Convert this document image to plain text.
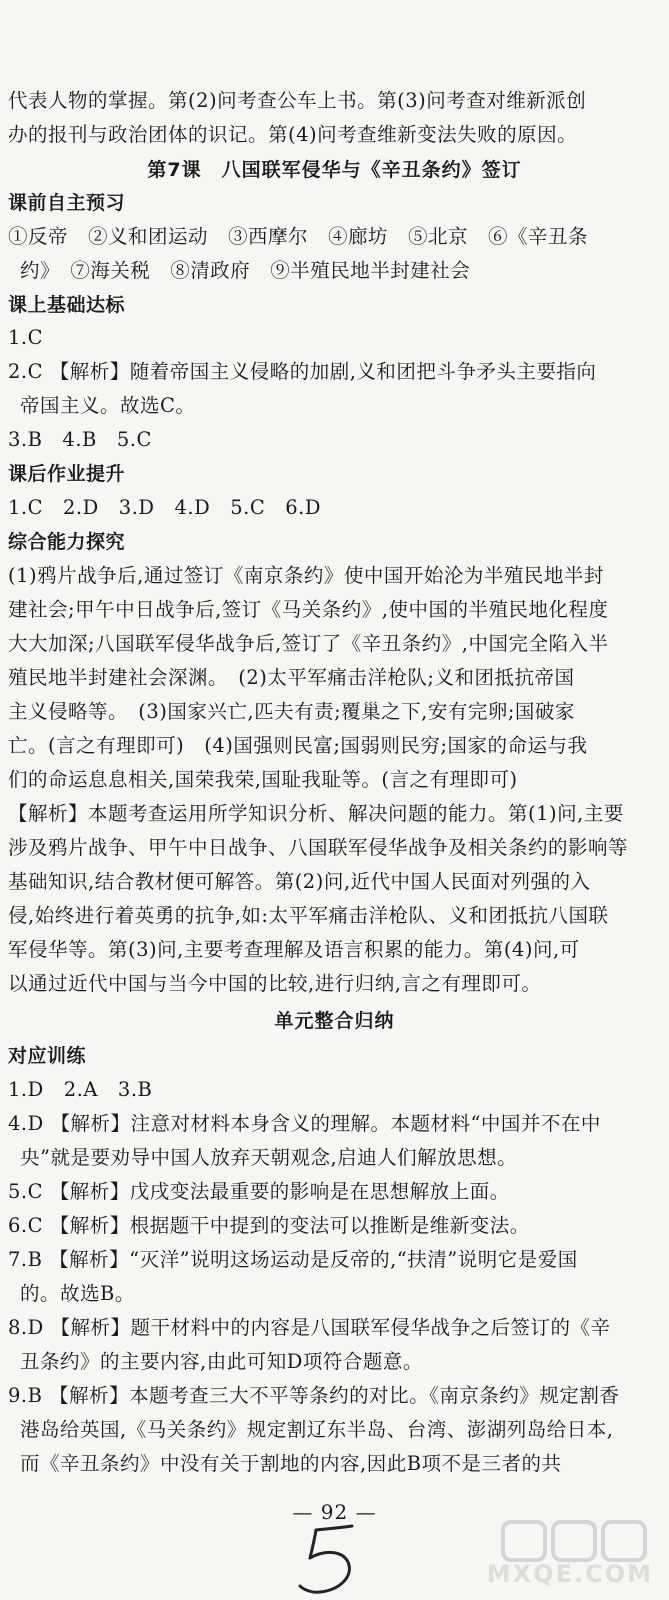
代表人物的掌握。第(2)问考查公车上书。第(3)问考查对维新派创
办的报刊与政治团体的识记。第(4)问考查维新变法失败的原因。
第7课　八国联军侵华与《辛丑条约》签订
课前自主预习
①反帝　②义和团运动　③西摩尔　④廊坊　⑤北京　⑥《辛丑条
约》　⑦海关税　⑧清政府　⑨半殖民地半封建社会
课上基础达标
1.C
2.C 【解析】随着帝国主义侵略的加剧,义和团把斗争矛头主要指向
帝国主义。故选C。
3.B　4.B　5.C
课后作业提升
1.C　2.D　3.D　4.D　5.C　6.D
综合能力探究
(1)鸦片战争后,通过签订《南京条约》使中国开始沦为半殖民地半封
建社会;甲午中日战争后,签订《马关条约》,使中国的半殖民地化程度
大大加深;八国联军侵华战争后,签订了《辛丑条约》,中国完全陷入半
殖民地半封建社会深渊。　(2)太平军痛击洋枪队;义和团抵抗帝国
主义侵略等。　(3)国家兴亡,匹夫有责;覆巢之下,安有完卵;国破家
亡。(言之有理即可)　(4)国强则民富;国弱则民穷;国家的命运与我
们的命运息息相关,国荣我荣,国耻我耻等。(言之有理即可)
【解析】本题考查运用所学知识分析、解决问题的能力。第(1)问,主要
涉及鸦片战争、甲午中日战争、八国联军侵华战争及相关条约的影响等
基础知识,结合教材便可解答。第(2)问,近代中国人民面对列强的入
侵,始终进行着英勇的抗争,如:太平军痛击洋枪队、义和团抵抗八国联
军侵华等。第(3)问,主要考查理解及语言积累的能力。第(4)问,可
以通过近代中国与当今中国的比较,进行归纳,言之有理即可。
单元整合归纳
对应训练
1.D　2.A　3.B
4.D 【解析】注意对材料本身含义的理解。本题材料“中国并不在中
央”就是要劝导中国人放弃天朝观念,启迪人们解放思想。
5.C 【解析】戊戌变法最重要的影响是在思想解放上面。
6.C 【解析】根据题干中提到的变法可以推断是维新变法。
7.B 【解析】“灭洋”说明这场运动是反帝的,“扶清”说明它是爱国
的。故选B。
8.D 【解析】题干材料中的内容是八国联军侵华战争之后签订的《辛
丑条约》的主要内容,由此可知D项符合题意。
9.B 【解析】本题考查三大不平等条约的对比。《南京条约》规定割香
港岛给英国,《马关条约》规定割辽东半岛、台湾、澎湖列岛给日本,
而《辛丑条约》中没有关于割地的内容,因此B项不是三者的共
— 92 —
MXQE.COM
